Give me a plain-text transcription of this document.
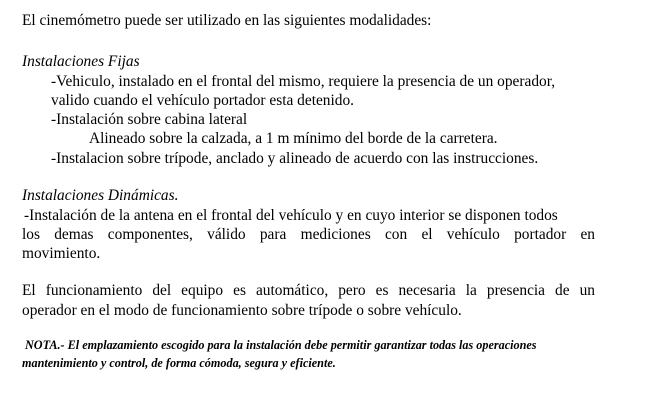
El cinemómetro puede ser utilizado en las siguientes modalidades:
Instalaciones Fijas
-Vehiculo, instalado en el frontal del mismo, requiere la presencia de un operador,
valido cuando el vehículo portador esta detenido.
-Instalación sobre cabina lateral
Alineado sobre la calzada, a 1 m mínimo del borde de la carretera.
-Instalacion sobre trípode, anclado y alineado de acuerdo con las instrucciones.
Instalaciones Dinámicas.
-Instalación de la antena en el frontal del vehículo y en cuyo interior se disponen todos
los demas componentes, válido para mediciones con el vehículo portador en
movimiento.
El funcionamiento del equipo es automático, pero es necesaria la presencia de un
operador en el modo de funcionamiento sobre trípode o sobre vehículo.
NOTA.- El emplazamiento escogido para la instalación debe permitir garantizar todas las operaciones
mantenimiento y control, de forma cómoda, segura y eficiente.
